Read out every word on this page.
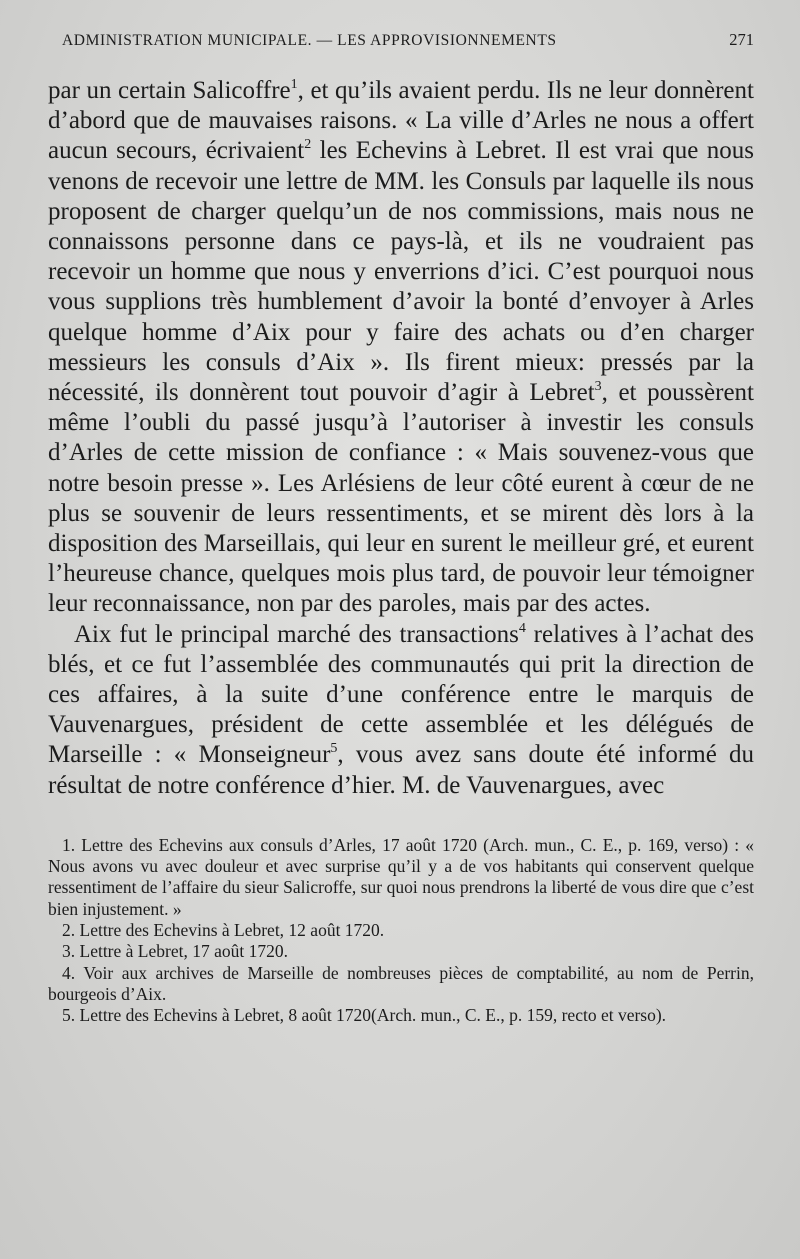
ADMINISTRATION MUNICIPALE. — LES APPROVISIONNEMENTS	271

par un certain Salicoffre$^1$, et qu’ils avaient perdu. Ils ne leur donnèrent d’abord que de mauvaises raisons. « La ville d’Arles ne nous a offert aucun secours, écrivaient$^2$ les Echevins à Lebret. Il est vrai que nous venons de recevoir une lettre de MM. les Consuls par laquelle ils nous proposent de charger quelqu’un de nos commissions, mais nous ne connaissons personne dans ce pays-là, et ils ne voudraient pas recevoir un homme que nous y enverrions d’ici. C’est pourquoi nous vous supplions très humblement d’avoir la bonté d’envoyer à Arles quelque homme d’Aix pour y faire des achats ou d’en charger messieurs les consuls d’Aix ». Ils firent mieux: pressés par la nécessité, ils donnèrent tout pouvoir d’agir à Lebret$^3$, et poussèrent même l’oubli du passé jusqu’à l’autoriser à investir les consuls d’Arles de cette mission de confiance : « Mais souvenez-vous que notre besoin presse ». Les Arlésiens de leur côté eurent à cœur de ne plus se souvenir de leurs ressentiments, et se mirent dès lors à la disposition des Marseillais, qui leur en surent le meilleur gré, et eurent l’heureuse chance, quelques mois plus tard, de pouvoir leur témoigner leur reconnaissance, non par des paroles, mais par des actes.

Aix fut le principal marché des transactions$^4$ relatives à l’achat des blés, et ce fut l’assemblée des communautés qui prit la direction de ces affaires, à la suite d’une conférence entre le marquis de Vauvenargues, président de cette assemblée et les délégués de Marseille : « Monseigneur$^5$, vous avez sans doute été informé du résultat de notre conférence d’hier. M. de Vauvenargues, avec

1. Lettre des Echevins aux consuls d’Arles, 17 août 1720 (Arch. mun., C. E., p. 169, verso) : « Nous avons vu avec douleur et avec surprise qu’il y a de vos habitants qui conservent quelque ressentiment de l’affaire du sieur Salicroffe, sur quoi nous prendrons la liberté de vous dire que c’est bien injustement. »

2. Lettre des Echevins à Lebret, 12 août 1720.

3. Lettre à Lebret, 17 août 1720.

4. Voir aux archives de Marseille de nombreuses pièces de comptabilité, au nom de Perrin, bourgeois d’Aix.

5. Lettre des Echevins à Lebret, 8 août 1720(Arch. mun., C. E., p. 159, recto et verso).
